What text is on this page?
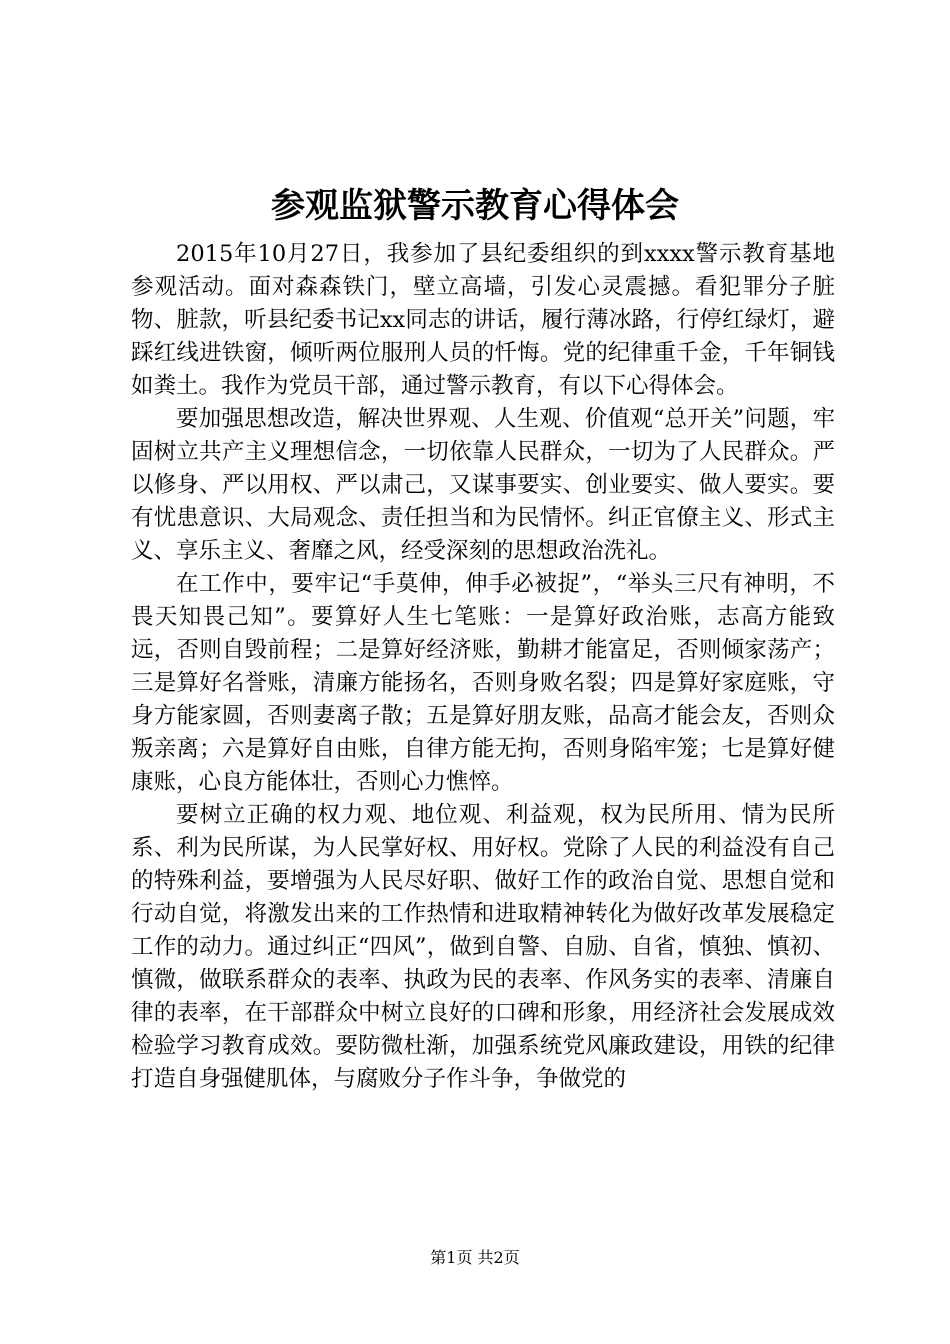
参观监狱警示教育心得体会

2015年10月27日，我参加了县纪委组织的到xxxx警示教育基地参观活动。面对森森铁门，壁立高墙，引发心灵震撼。看犯罪分子脏物、脏款，听县纪委书记xx同志的讲话，履行薄冰路，行停红绿灯，避踩红线进铁窗，倾听两位服刑人员的忏悔。党的纪律重千金，千年铜钱如粪土。我作为党员干部，通过警示教育，有以下心得体会。

要加强思想改造，解决世界观、人生观、价值观“总开关”问题，牢固树立共产主义理想信念，一切依靠人民群众，一切为了人民群众。严以修身、严以用权、严以肃己，又谋事要实、创业要实、做人要实。要有忧患意识、大局观念、责任担当和为民情怀。纠正官僚主义、形式主义、享乐主义、奢靡之风，经受深刻的思想政治洗礼。

在工作中，要牢记“手莫伸，伸手必被捉”，“举头三尺有神明，不畏天知畏己知”。要算好人生七笔账：一是算好政治账，志高方能致远，否则自毁前程；二是算好经济账，勤耕才能富足，否则倾家荡产；三是算好名誉账，清廉方能扬名，否则身败名裂；四是算好家庭账，守身方能家圆，否则妻离子散；五是算好朋友账，品高才能会友，否则众叛亲离；六是算好自由账，自律方能无拘，否则身陷牢笼；七是算好健康账，心良方能体壮，否则心力憔悴。

要树立正确的权力观、地位观、利益观，权为民所用、情为民所系、利为民所谋，为人民掌好权、用好权。党除了人民的利益没有自己的特殊利益，要增强为人民尽好职、做好工作的政治自觉、思想自觉和行动自觉，将激发出来的工作热情和进取精神转化为做好改革发展稳定工作的动力。通过纠正“四风”，做到自警、自励、自省，慎独、慎初、慎微，做联系群众的表率、执政为民的表率、作风务实的表率、清廉自律的表率，在干部群众中树立良好的口碑和形象，用经济社会发展成效检验学习教育成效。要防微杜渐，加强系统党风廉政建设，用铁的纪律打造自身强健肌体，与腐败分子作斗争，争做党的

第1页 共2页
